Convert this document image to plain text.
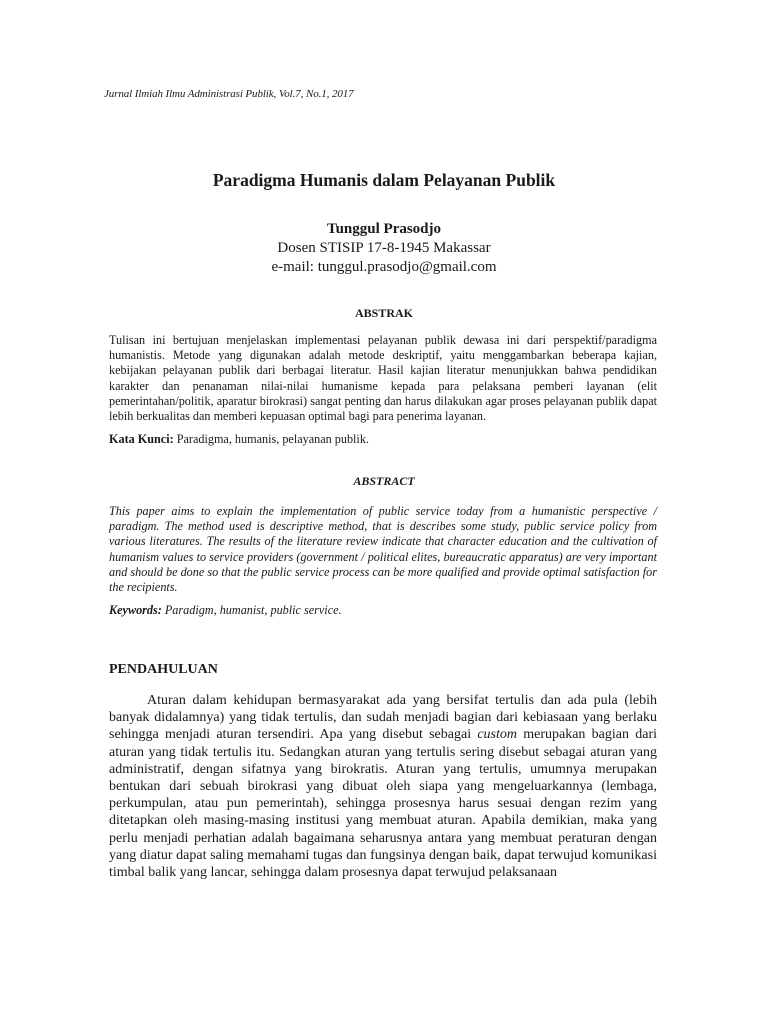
Jurnal Ilmiah Ilmu Administrasi Publik, Vol.7, No.1, 2017
Paradigma Humanis dalam Pelayanan Publik
Tunggul Prasodjo
Dosen STISIP 17-8-1945 Makassar
e-mail: tunggul.prasodjo@gmail.com
ABSTRAK

Tulisan ini bertujuan menjelaskan implementasi pelayanan publik dewasa ini dari perspektif/paradigma humanistis. Metode yang digunakan adalah metode deskriptif, yaitu menggambarkan beberapa kajian, kebijakan pelayanan publik dari berbagai literatur. Hasil kajian literatur menunjukkan bahwa pendidikan karakter dan penanaman nilai-nilai humanisme kepada para pelaksana pemberi layanan (elit pemerintahan/politik, aparatur birokrasi) sangat penting dan harus dilakukan agar proses pelayanan publik dapat lebih berkualitas dan memberi kepuasan optimal bagi para penerima layanan.

Kata Kunci: Paradigma, humanis, pelayanan publik.

ABSTRACT

This paper aims to explain the implementation of public service today from a humanistic perspective / paradigm. The method used is descriptive method, that is describes some study, public service policy from various literatures. The results of the literature review indicate that character education and the cultivation of humanism values to service providers (government / political elites, bureaucratic apparatus) are very important and should be done so that the public service process can be more qualified and provide optimal satisfaction for the recipients.

Keywords: Paradigm, humanist, public service.

PENDAHULUAN

Aturan dalam kehidupan bermasyarakat ada yang bersifat tertulis dan ada pula (lebih banyak didalamnya) yang tidak tertulis, dan sudah menjadi bagian dari kebiasaan yang berlaku sehingga menjadi aturan tersendiri. Apa yang disebut sebagai custom merupakan bagian dari aturan yang tidak tertulis itu. Sedangkan aturan yang tertulis sering disebut sebagai aturan yang administratif, dengan sifatnya yang birokratis. Aturan yang tertulis, umumnya merupakan bentukan dari sebuah birokrasi yang dibuat oleh siapa yang mengeluarkannya (lembaga, perkumpulan, atau pun pemerintah), sehingga prosesnya harus sesuai dengan rezim yang ditetapkan oleh masing-masing institusi yang membuat aturan. Apabila demikian, maka yang perlu menjadi perhatian adalah bagaimana seharusnya antara yang membuat peraturan dengan yang diatur dapat saling memahami tugas dan fungsinya dengan baik, dapat terwujud komunikasi timbal balik yang lancar, sehingga dalam prosesnya dapat terwujud pelaksanaan
